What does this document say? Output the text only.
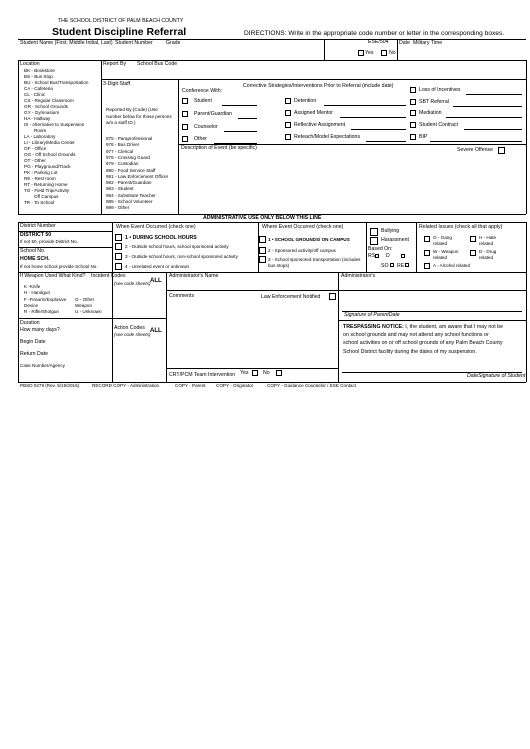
THE SCHOOL DISTRICT OF PALM BEACH COUNTY
Student Discipline Referral	DIRECTIONS: Write in the appropriate code number or letter in the corresponding boxes.
Student Name (First, Middle Initial, Last) Student Number	Grade	ESE/504 Date Military Time
Yes	No
Location
BK - Bookstore
BS - Bus Stop
BU - School Bus/Transportation
CA - Cafeteria
CL - Clinic
CS - Regular Classroom
GR - School Grounds
GY - Gymnasium
HA - Hallway
IS - Alternative to Suspension
Room
LA - Laboratory
LI - Library/Media Center
OF - Office
OG - Off School Grounds
OT - Other
PG - Playground/Track
PK - Parking Lot
RE - Rest room
RT - Returning Home
TO - Field Trip/Activity
Off Campus
TR - To School
Report By School Bus Code
3-Digit Staff
Reported By (Code) (Use number below for those persons w/o a staff ID.)
975 - Paraprofessional
976 - Bus Driver
977 - Clerical
978 - Crossing Guard
979 - Custodian
980 - Food Service Staff
981 - Law Enforcement Officer
982 - Parent/Guardian
983 - Student
984 - Substitute Teacher
985 - School Volunteer
999 - Other
Conference With:
Corrective Strategies/Interventions Prior to Referral (include date)
Student
Parent/Guardian
Counselor
Other
Detention
Assigned Mentor
Reflective Assignment
Reteach/Model Expectations
Loss of Incentives
SBT Referral
Mediation
Student Contract
BIP
Description of Event (be specific)	Severe Offense
ADMINISTRATIVE USE ONLY BELOW THIS LINE
District Number
DISTRICT 50
If not 50, provide District No.
School No.
HOME SCH.
If not home school provide School No.
When Event Occurred (check one)
1 • DURING SCHOOL HOURS
2 - Outside school hours, school sponsored activity
3 - Outside school hours, non-school sponsored activity
4 - Unrelated event or unknown
Where Event Occurred (check one)
1 • SCHOOL GROUNDS/ ON CAMPUS
2 - Sponsored activity/off campus
3 - School sponsored transportation (includes bus stops)
Bullying
Harassment
Based On:
RS D
SO RE
Related Issues (check all that apply)
G - Gang related
H - Hate related
W - Weapon related
D - Drug related
A - Alcohol related
If Weapon Used What Kind?
K -Knife
H - Handgun
F -Firearm/Explosive Device
R - Rifle/Shotgun
O - Other Weapon
U - Unknown
Incident Codes
(see code sheets) ALL
Administrator's Name	Administrator's
Comments	Law Enforcement Notified
Duration
How many days?
Begin Date
Return Date
Case Number/Agency
Action Codes
(see code sheets)
ALL
Signature of ParentDate
TRESPASSING NOTICE: I, the student, am aware that I may not be
on school grounds and may not attend any school functions or
school activities on or off school grounds of any Palm Beach County
School District facility during the dates of my suspension.
CRT/PCM Team Intervention Yes	No	DateSignature of Student
PBSD 0279 (Rev. 5/19/2016)	RECORD COPY - Administration	COPY - Parent COPY - Originator	COPY - Guidance Counselor / ESE Contact
